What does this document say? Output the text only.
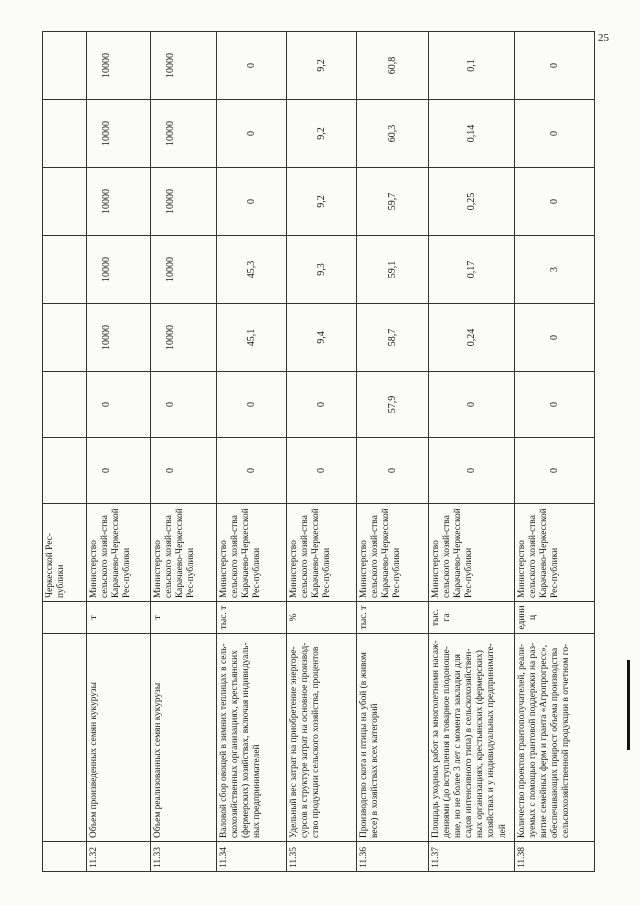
25
			Черкесской Рес-публики							
11.32	Объем произведенных семян кукурузы	т	Министерство сельского хозяй-ства Карачаево-Черкесской Рес-публики	0	0	10000	10000	10000	10000	10000
11.33	Объем реализованных семян кукурузы	т	Министерство сельского хозяй-ства Карачаево-Черкесской Рес-публики	0	0	10000	10000	10000	10000	10000
11.34	Валовой сбор овощей в зимних теплицах в сель-скохозяйственных организациях, крестьянских (фермерских) хозяйствах, включая индивидуаль-ных предпринимателей	тыс. т	Министерство сельского хозяй-ства Карачаево-Черкесской Рес-публики	0	0	45,1	45,3	0	0	0
11.35	Удельный вес затрат на приобретение энергоре-сурсов в структуре затрат на основное производ-ство продукции сельского хозяйства, процентов	%	Министерство сельского хозяй-ства Карачаево-Черкесской Рес-публики	0	0	9,4	9,3	9,2	9,2	9,2
11.36	Производство скота и птицы на убой (в живом весе) в хозяйствах всех категорий	тыс. т	Министерство сельского хозяй-ства Карачаево-Черкесской Рес-публики	0	57,9	58,7	59,1	59,7	60,3	60,8
11.37	Площадь уходных работ за многолетними насаж-дениями (до вступления в товарное плодоноше-ние, но не более 3 лет с момента закладки для садов интенсивного типа) в сельскохозяйствен-ных организациях, крестьянских (фермерских) хозяйствах и у индивидуальных предпринимате-лей	тыс. га	Министерство сельского хозяй-ства Карачаево-Черкесской Рес-публики	0	0	0,24	0,17	0,25	0,14	0,1
11.38	Количество проектов грантополучателей, реали-зуемых с помощью грантовой поддержки на раз-витие семейных ферм и гранта «Агропрогресс», обеспечивающих прирост объема производства сельскохозяйственной продукции в отчетном го-	единиц	Министерство сельского хозяй-ства Карачаево-Черкесской Рес-публики	0	0	0	3	0	0	0
